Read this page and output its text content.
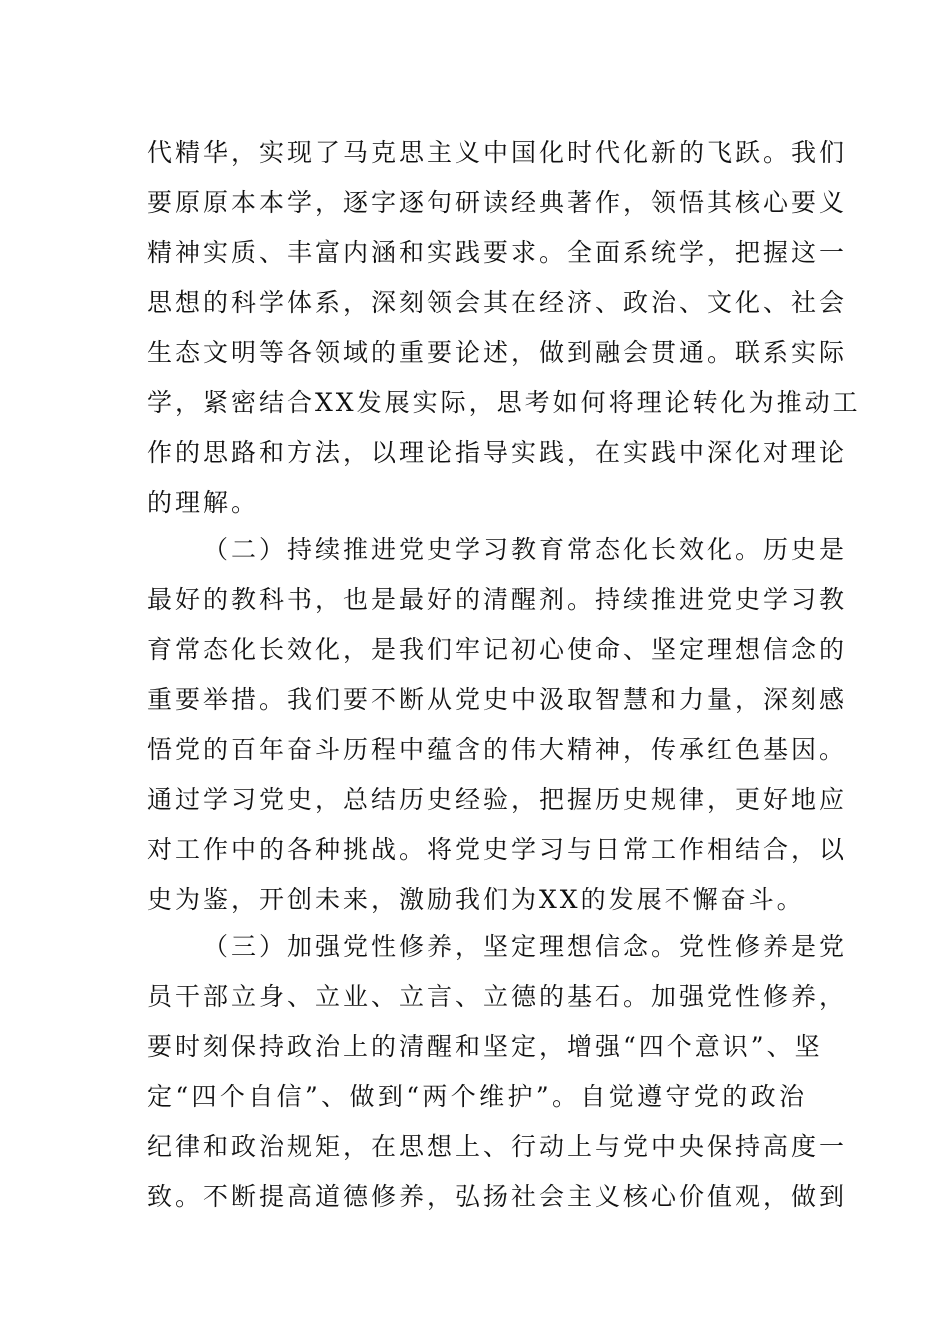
代精华，实现了马克思主义中国化时代化新的飞跃。我们
要原原本本学，逐字逐句研读经典著作，领悟其核心要义
精神实质、丰富内涵和实践要求。全面系统学，把握这一
思想的科学体系，深刻领会其在经济、政治、文化、社会
生态文明等各领域的重要论述，做到融会贯通。联系实际
学，紧密结合XX发展实际，思考如何将理论转化为推动工
作的思路和方法，以理论指导实践，在实践中深化对理论
的理解。
（二）持续推进党史学习教育常态化长效化。历史是
最好的教科书，也是最好的清醒剂。持续推进党史学习教
育常态化长效化，是我们牢记初心使命、坚定理想信念的
重要举措。我们要不断从党史中汲取智慧和力量，深刻感
悟党的百年奋斗历程中蕴含的伟大精神，传承红色基因。
通过学习党史，总结历史经验，把握历史规律，更好地应
对工作中的各种挑战。将党史学习与日常工作相结合，以
史为鉴，开创未来，激励我们为XX的发展不懈奋斗。
（三）加强党性修养，坚定理想信念。党性修养是党
员干部立身、立业、立言、立德的基石。加强党性修养，
要时刻保持政治上的清醒和坚定，增强“四个意识”、坚
定“四个自信”、做到“两个维护”。自觉遵守党的政治
纪律和政治规矩，在思想上、行动上与党中央保持高度一
致。不断提高道德修养，弘扬社会主义核心价值观，做到
